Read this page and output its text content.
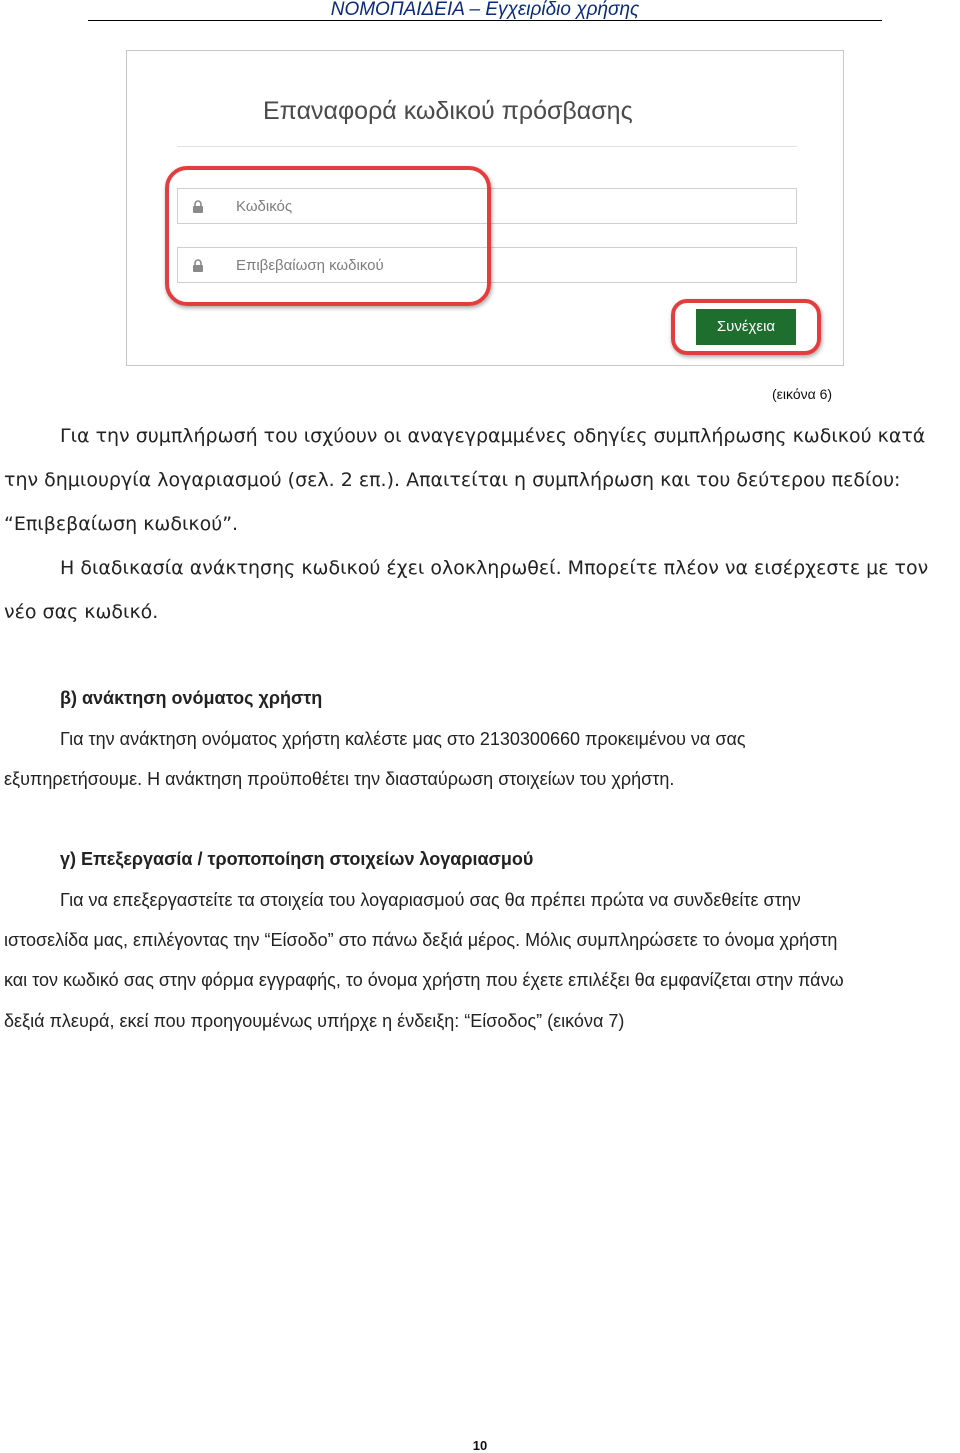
ΝΟΜΟΠΑΙΔΕΙΑ – Εγχειρίδιο χρήσης
Επαναφορά κωδικού πρόσβασης
Κωδικός
Επιβεβαίωση κωδικού
Συνέχεια
(εικόνα 6)
Για την συμπλήρωσή του ισχύουν οι αναγεγραμμένες οδηγίες συμπλήρωσης κωδικού κατά
την δημιουργία λογαριασμού (σελ. 2 επ.). Απαιτείται η συμπλήρωση και του δεύτερου πεδίου:
“Επιβεβαίωση κωδικού”.
Η διαδικασία ανάκτησης κωδικού έχει ολοκληρωθεί. Μπορείτε πλέον να εισέρχεστε με τον
νέο σας κωδικό.
β) ανάκτηση ονόματος χρήστη
Για την ανάκτηση ονόματος χρήστη καλέστε μας στο 2130300660 προκειμένου να σας
εξυπηρετήσουμε. Η ανάκτηση προϋποθέτει την διασταύρωση στοιχείων του χρήστη.
γ) Επεξεργασία / τροποποίηση στοιχείων λογαριασμού
Για να επεξεργαστείτε τα στοιχεία του λογαριασμού σας θα πρέπει πρώτα να συνδεθείτε στην
ιστοσελίδα μας, επιλέγοντας την “Είσοδο” στο πάνω δεξιά μέρος. Μόλις συμπληρώσετε το όνομα χρήστη
και τον κωδικό σας στην φόρμα εγγραφής, το όνομα χρήστη που έχετε επιλέξει θα εμφανίζεται στην πάνω
δεξιά πλευρά, εκεί που προηγουμένως υπήρχε η ένδειξη: “Είσοδος” (εικόνα 7)
10
